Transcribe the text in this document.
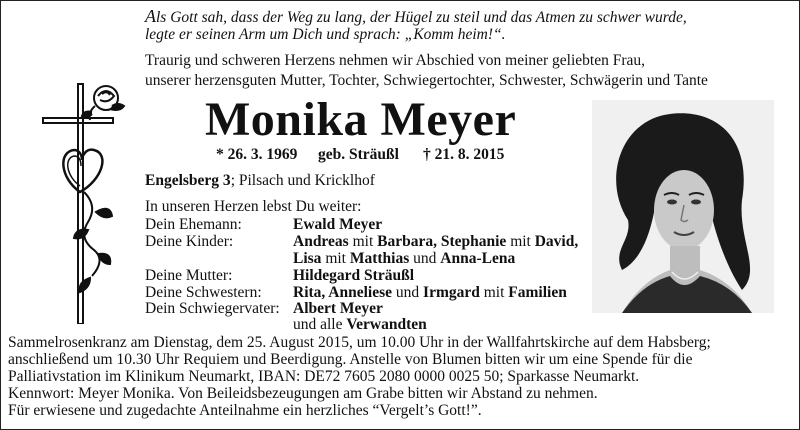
Als Gott sah, dass der Weg zu lang, der Hügel zu steil und das Atmen zu schwer wurde,
legte er seinen Arm um Dich und sprach: „Komm heim!“.
Traurig und schweren Herzens nehmen wir Abschied von meiner geliebten Frau,
unserer herzensguten Mutter, Tochter, Schwiegertochter, Schwester, Schwägerin und Tante
Monika Meyer
* 26. 3. 1969 geb. Sträußl † 21. 8. 2015
Engelsberg 3; Pilsach und Kricklhof
In unseren Herzen lebst Du weiter:
Dein Ehemann:	Ewald Meyer
Deine Kinder:	Andreas mit Barbara, Stephanie mit David,
Lisa mit Matthias und Anna-Lena
Deine Mutter:	Hildegard Sträußl
Deine Schwestern: Rita, Anneliese und Irmgard mit Familien
Dein Schwiegervater: Albert Meyer
und alle Verwandten
Sammelrosenkranz am Dienstag, dem 25. August 2015, um 10.00 Uhr in der Wallfahrtskirche auf dem Habsberg;
anschließend um 10.30 Uhr Requiem und Beerdigung. Anstelle von Blumen bitten wir um eine Spende für die
Palliativstation im Klinikum Neumarkt, IBAN: DE72 7605 2080 0000 0025 50; Sparkasse Neumarkt.
Kennwort: Meyer Monika. Von Beileidsbezeugungen am Grabe bitten wir Abstand zu nehmen.
Für erwiesene und zugedachte Anteilnahme ein herzliches “Vergelt’s Gott!”.
